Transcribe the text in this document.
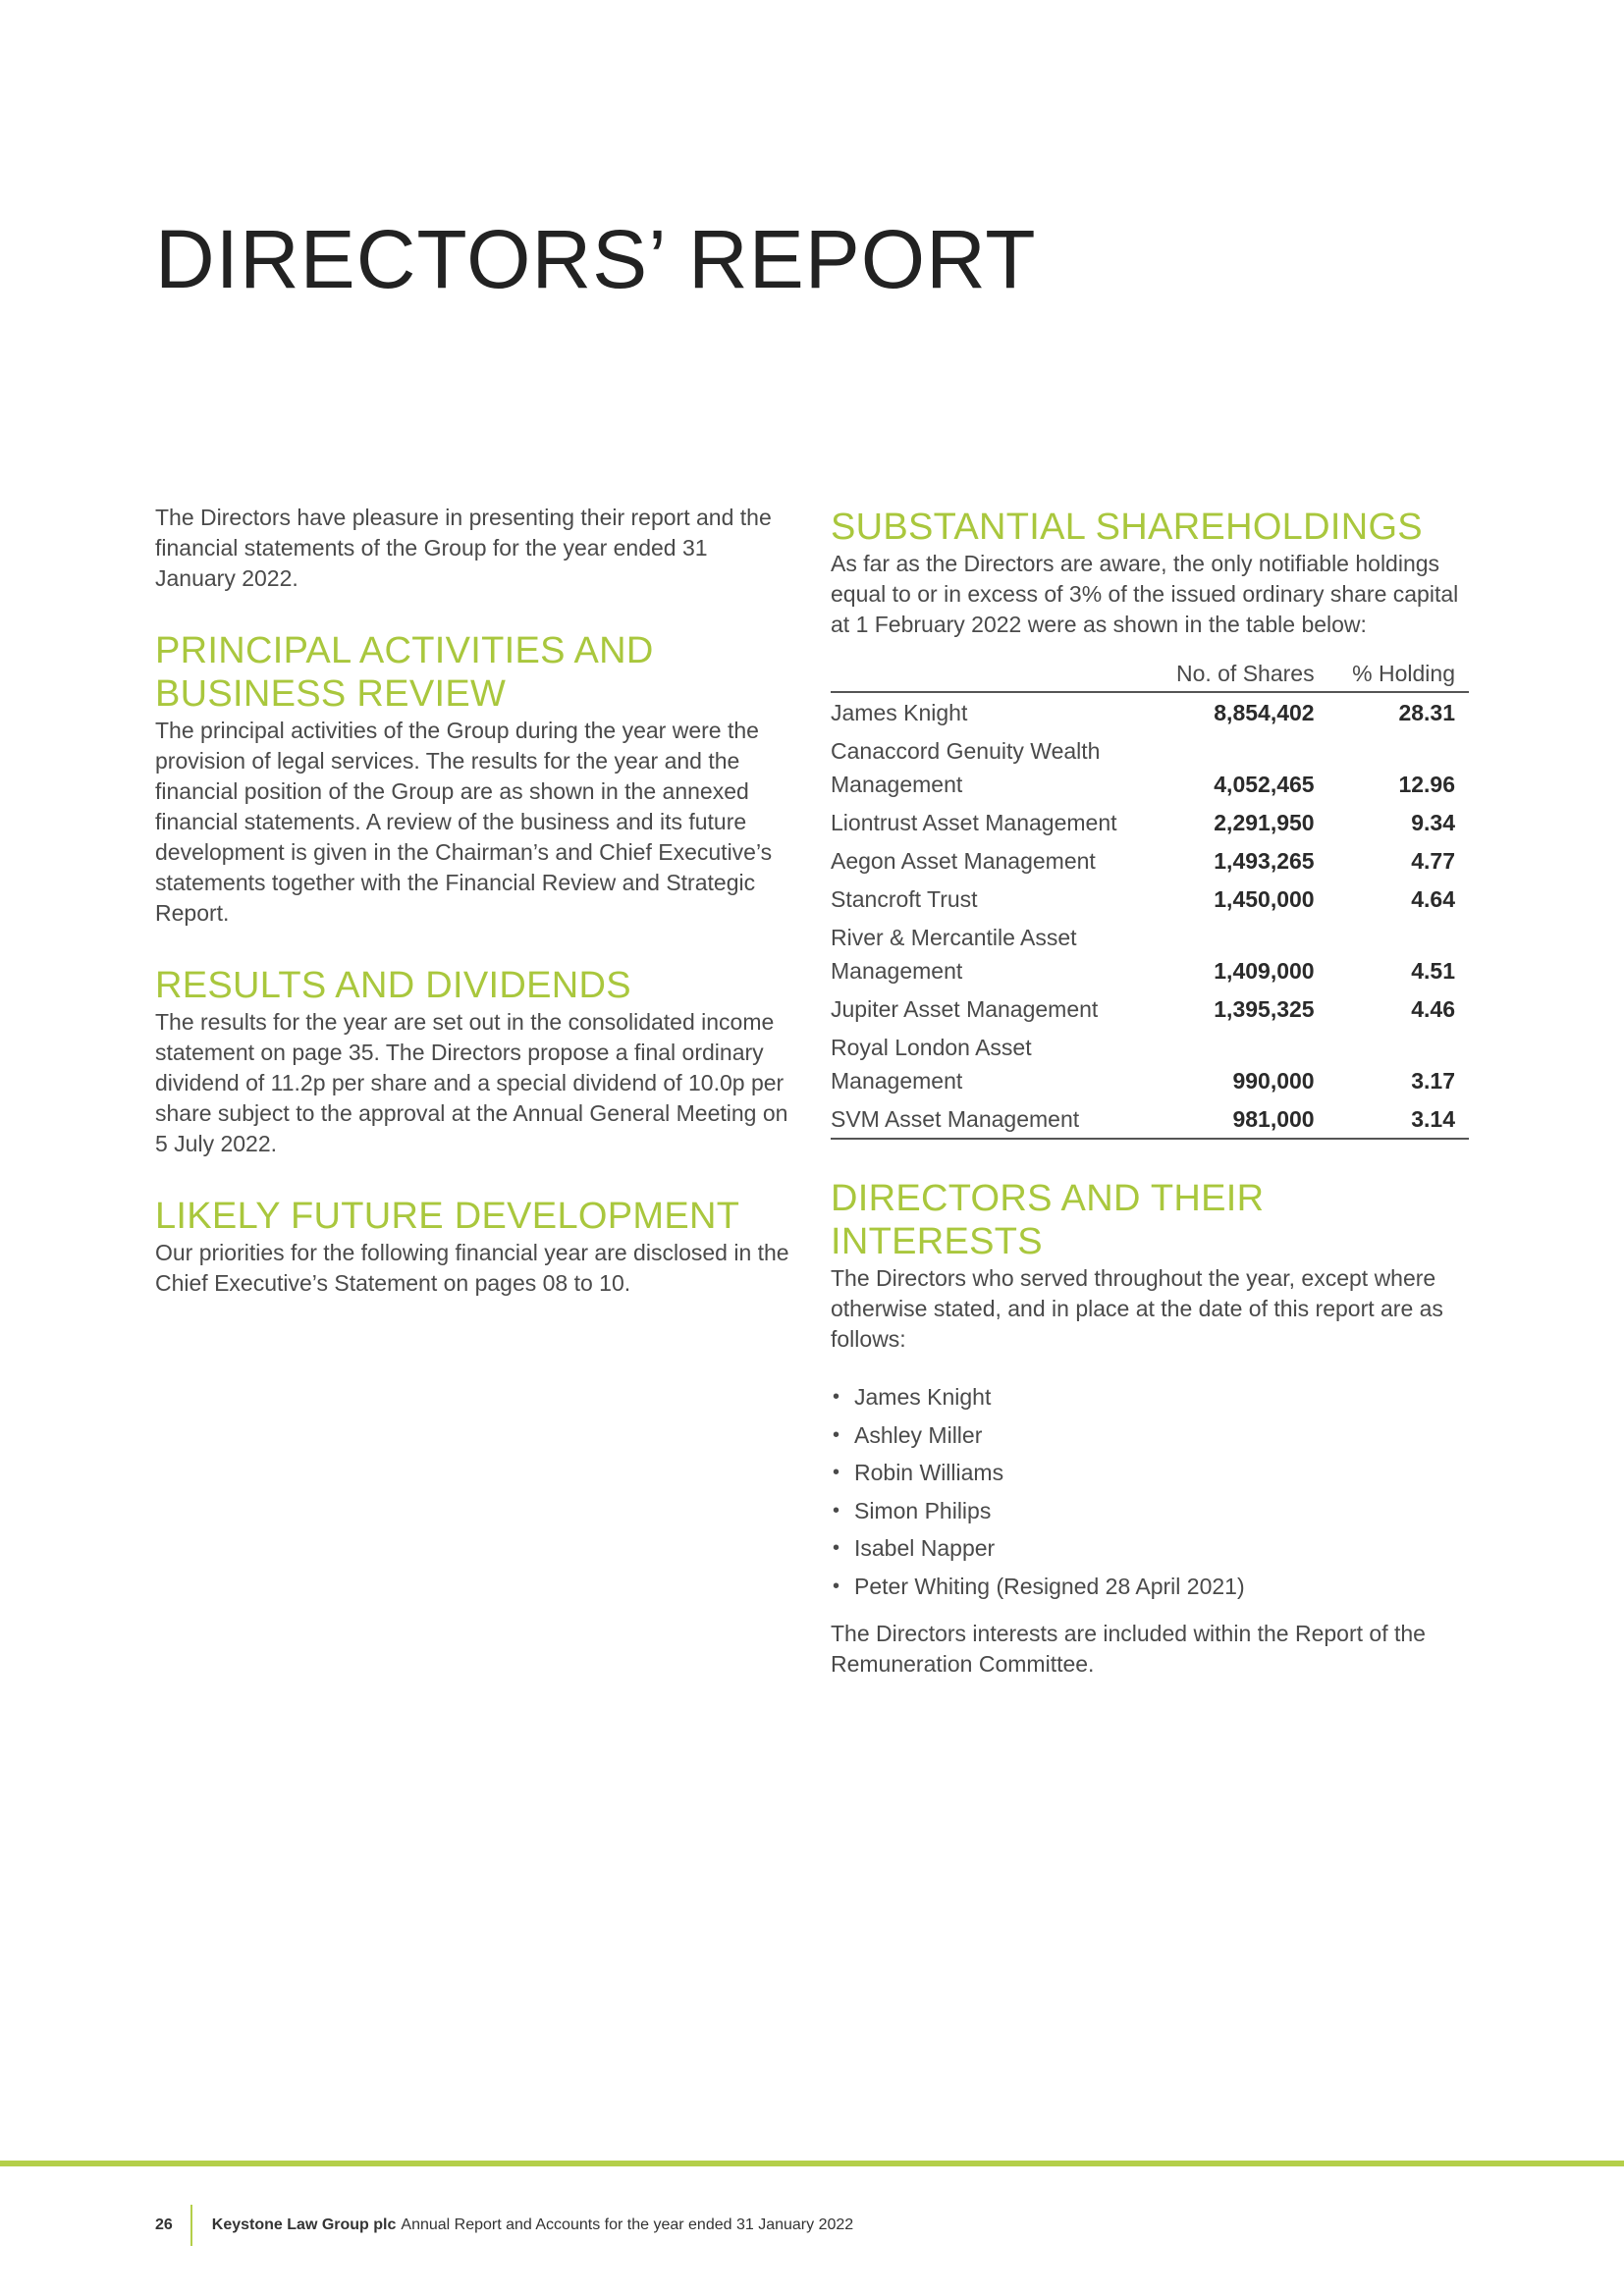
DIRECTORS’ REPORT

The Directors have pleasure in presenting their report and the financial statements of the Group for the year ended 31 January 2022.

PRINCIPAL ACTIVITIES AND
BUSINESS REVIEW

The principal activities of the Group during the year were the provision of legal services. The results for the year and the financial position of the Group are as shown in the annexed financial statements. A review of the business and its future development is given in the Chairman’s and Chief Executive’s statements together with the Financial Review and Strategic Report.

RESULTS AND DIVIDENDS

The results for the year are set out in the consolidated income statement on page 35. The Directors propose a final ordinary dividend of 11.2p per share and a special dividend of 10.0p per share subject to the approval at the Annual General Meeting on 5 July 2022.

LIKELY FUTURE DEVELOPMENT

Our priorities for the following financial year are disclosed in the Chief Executive’s Statement on pages 08 to 10.

SUBSTANTIAL SHAREHOLDINGS

As far as the Directors are aware, the only notifiable holdings equal to or in excess of 3% of the issued ordinary share capital at 1 February 2022 were as shown in the table below:

	No. of Shares	% Holding
James Knight	8,854,402	28.31
Canaccord Genuity Wealth Management	4,052,465	12.96
Liontrust Asset Management	2,291,950	9.34
Aegon Asset Management	1,493,265	4.77
Stancroft Trust	1,450,000	4.64
River & Mercantile Asset Management	1,409,000	4.51
Jupiter Asset Management	1,395,325	4.46
Royal London Asset Management	990,000	3.17
SVM Asset Management	981,000	3.14
DIRECTORS AND THEIR INTERESTS

The Directors who served throughout the year, except where otherwise stated, and in place at the date of this report are as follows:

• James Knight
• Ashley Miller
• Robin Williams
• Simon Philips
• Isabel Napper
• Peter Whiting (Resigned 28 April 2021)

The Directors interests are included within the Report of the Remuneration Committee.

26	Keystone Law Group plc Annual Report and Accounts for the year ended 31 January 2022
